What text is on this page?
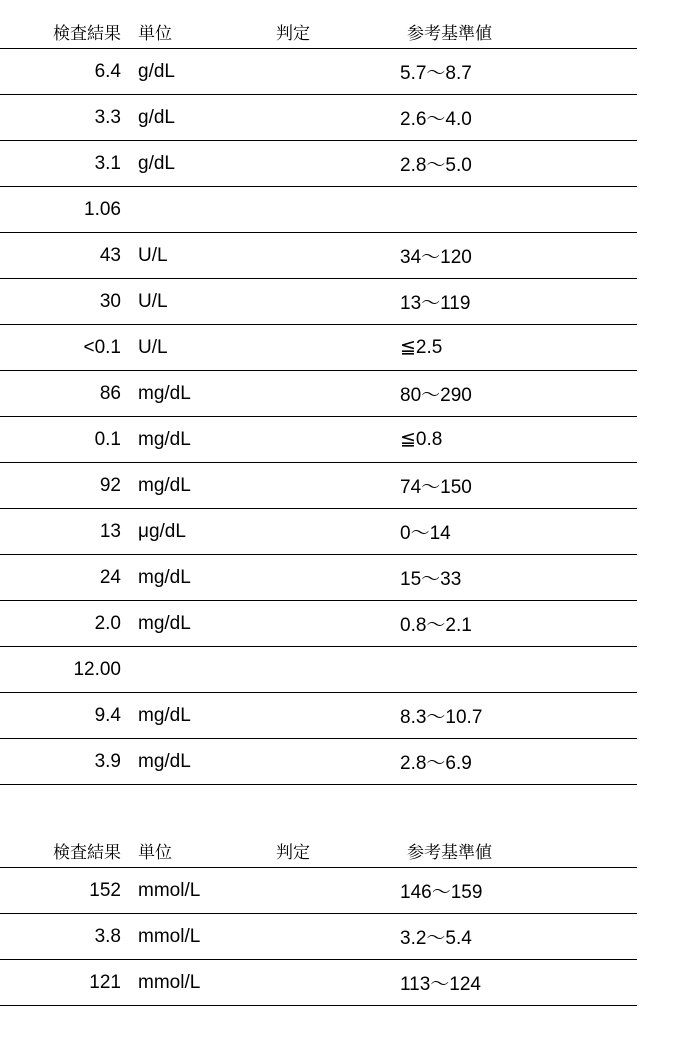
検査結果 単位	判定	参考基準値
6.4 g/dL	5.7〜8.7
3.3 g/dL	2.6〜4.0
3.1 g/dL	2.8〜5.0
1.06
43 U/L	34〜120
30 U/L	13〜119
<0.1 U/L	≦2.5
86 mg/dL	80〜290
0.1 mg/dL	≦0.8
92 mg/dL	74〜150
13 μg/dL	0〜14
24 mg/dL	15〜33
2.0 mg/dL	0.8〜2.1
12.00
9.4 mg/dL	8.3〜10.7
3.9 mg/dL	2.8〜6.9
検査結果 単位	判定	参考基準値
152 mmol/L	146〜159
3.8 mmol/L	3.2〜5.4
121 mmol/L	113〜124
